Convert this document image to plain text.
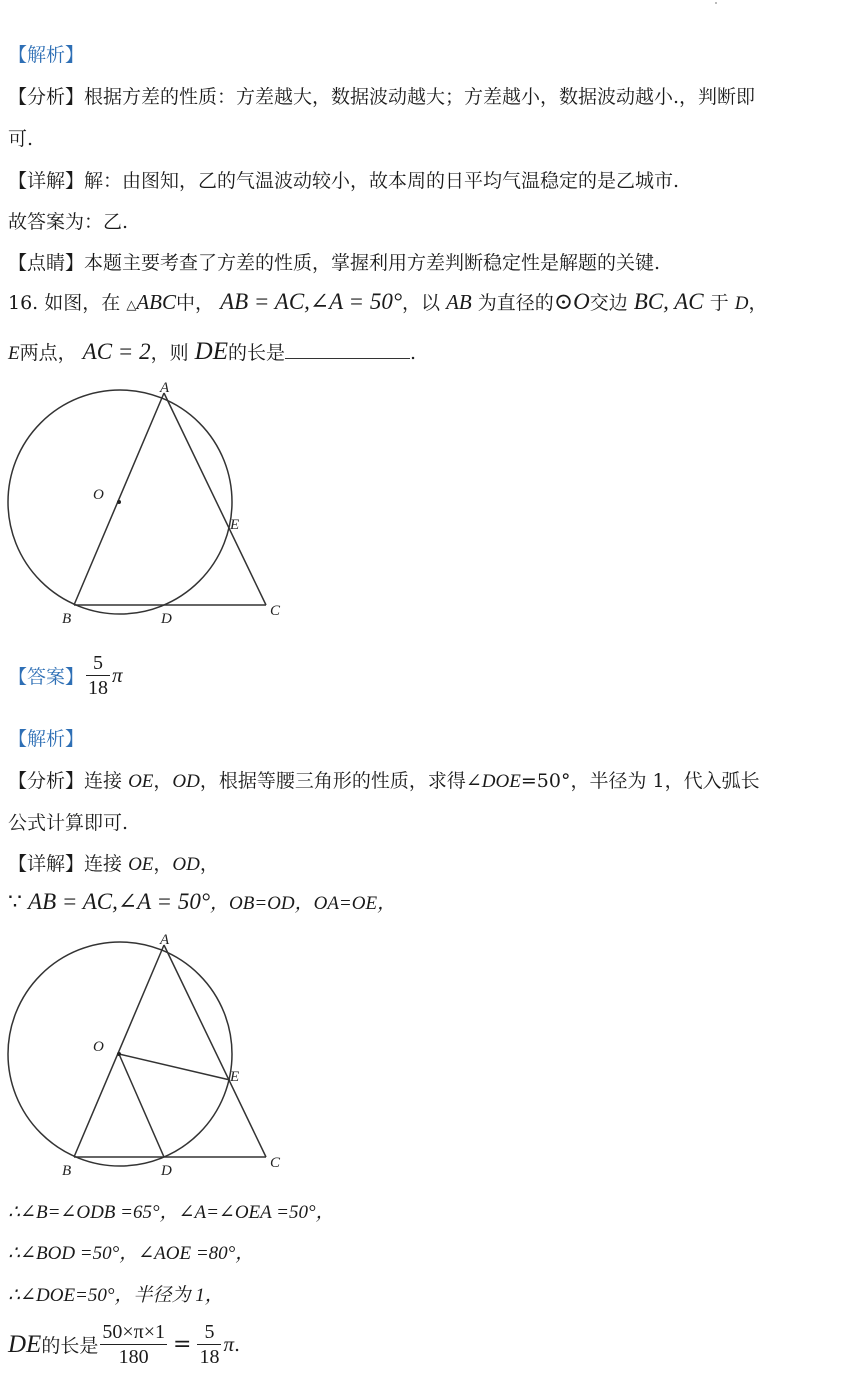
【解析】
【分析】根据方差的性质：方差越大，数据波动越大；方差越小，数据波动越小.，判断即
可.
【详解】解：由图知，乙的气温波动较小，故本周的日平均气温稳定的是乙城市.
故答案为：乙.
【点睛】本题主要考查了方差的性质，掌握利用方差判断稳定性是解题的关键.
16. 如图，在 △ABC中， AB = AC,∠A = 50°，以 AB 为直径的⊙O交边 BC, AC 于 D，
E两点， AC = 2，则 DE的长是	.
A
O
E
B	D	C
【答案】 $\frac{5}{18}$ π
【解析】
【分析】连接 OE，OD，根据等腰三角形的性质，求得∠DOE=50°，半径为 1，代入弧长
公式计算即可.
【详解】连接 OE，OD，
∵ AB = AC,∠A = 50°，OB=OD，OA=OE，
A
O
E
B	D	C
∴∠B=∠ODB =65°，∠A=∠OEA =50°，
∴∠BOD =50°，∠AOE =80°，
∴∠DOE=50°，半径为 1，
DE 的长是 $\frac{50\times\pi\times 1}{180} = \frac{5}{18}$ π .
